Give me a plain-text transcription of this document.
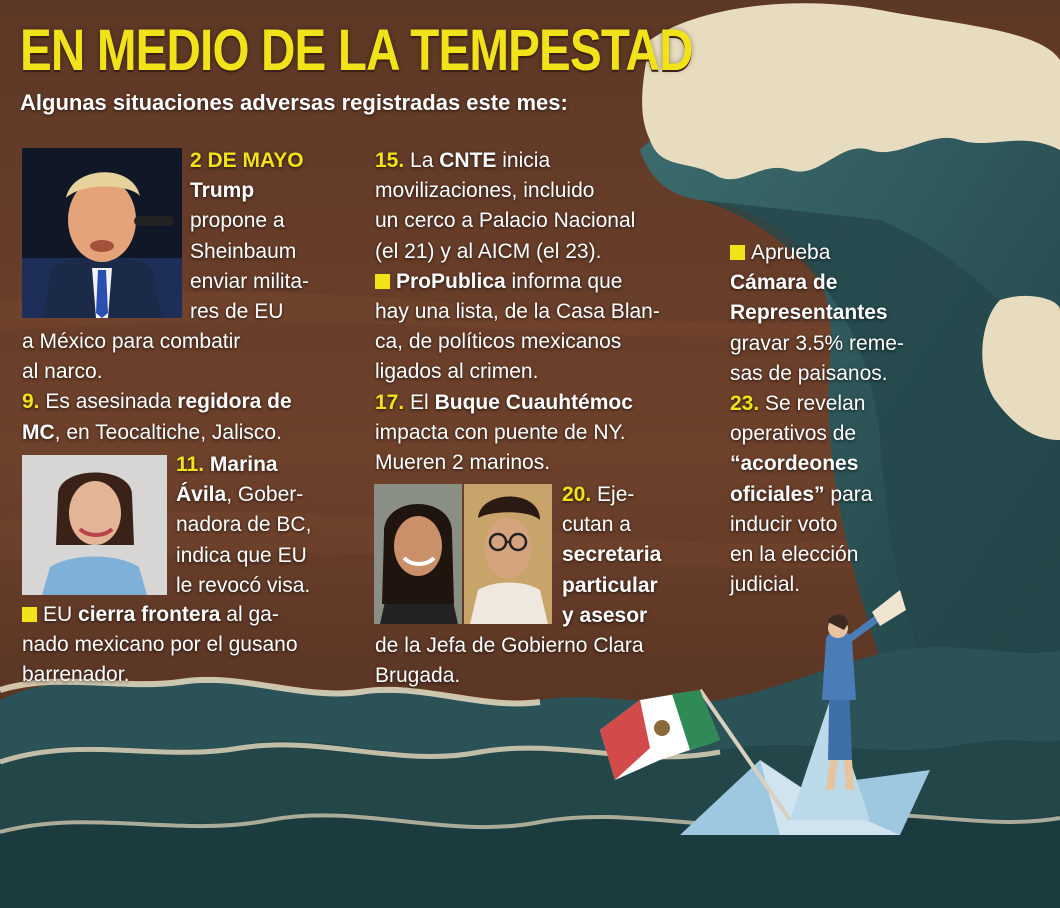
EN MEDIO DE LA TEMPESTAD

Algunas situaciones adversas registradas este mes:

2 DE MAYO

Trump

propone a

Sheinbaum

enviar milita-

res de EU

a México para combatir

al narco.

9. Es asesinada regidora de

MC, en Teocaltiche, Jalisco.

11. Marina

Ávila, Gober-

nadora de BC,

indica que EU

le revocó visa.

EU cierra frontera al ga-

nado mexicano por el gusano

barrenador.

15. La CNTE inicia

movilizaciones, incluido

un cerco a Palacio Nacional

(el 21) y al AICM (el 23).

ProPublica informa que

hay una lista, de la Casa Blan-

ca, de políticos mexicanos

ligados al crimen.

17. El Buque Cuauhtémoc

impacta con puente de NY.

Mueren 2 marinos.

20. Eje-

cutan a

secretaria

particular

y asesor

de la Jefa de Gobierno Clara

Brugada.

Aprueba

Cámara de

Representantes

gravar 3.5% reme-

sas de paisanos.

23. Se revelan

operativos de

“acordeones

oficiales” para

inducir voto

en la elección

judicial.
